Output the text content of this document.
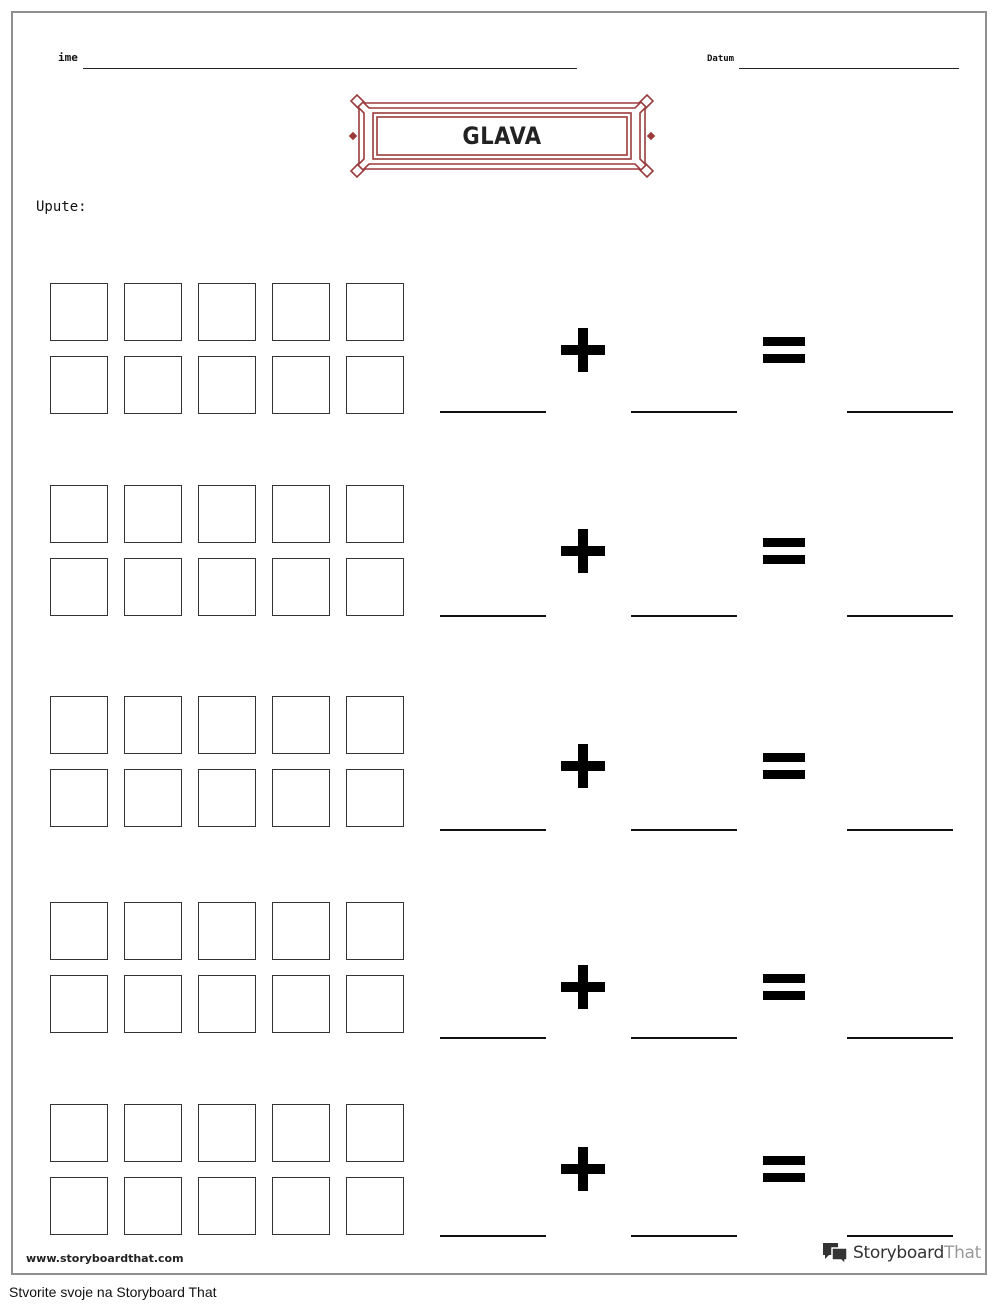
ime	Datum
GLAVA
Upute:
www.storyboardthat.com	StoryboardThat
Stvorite svoje na Storyboard That
